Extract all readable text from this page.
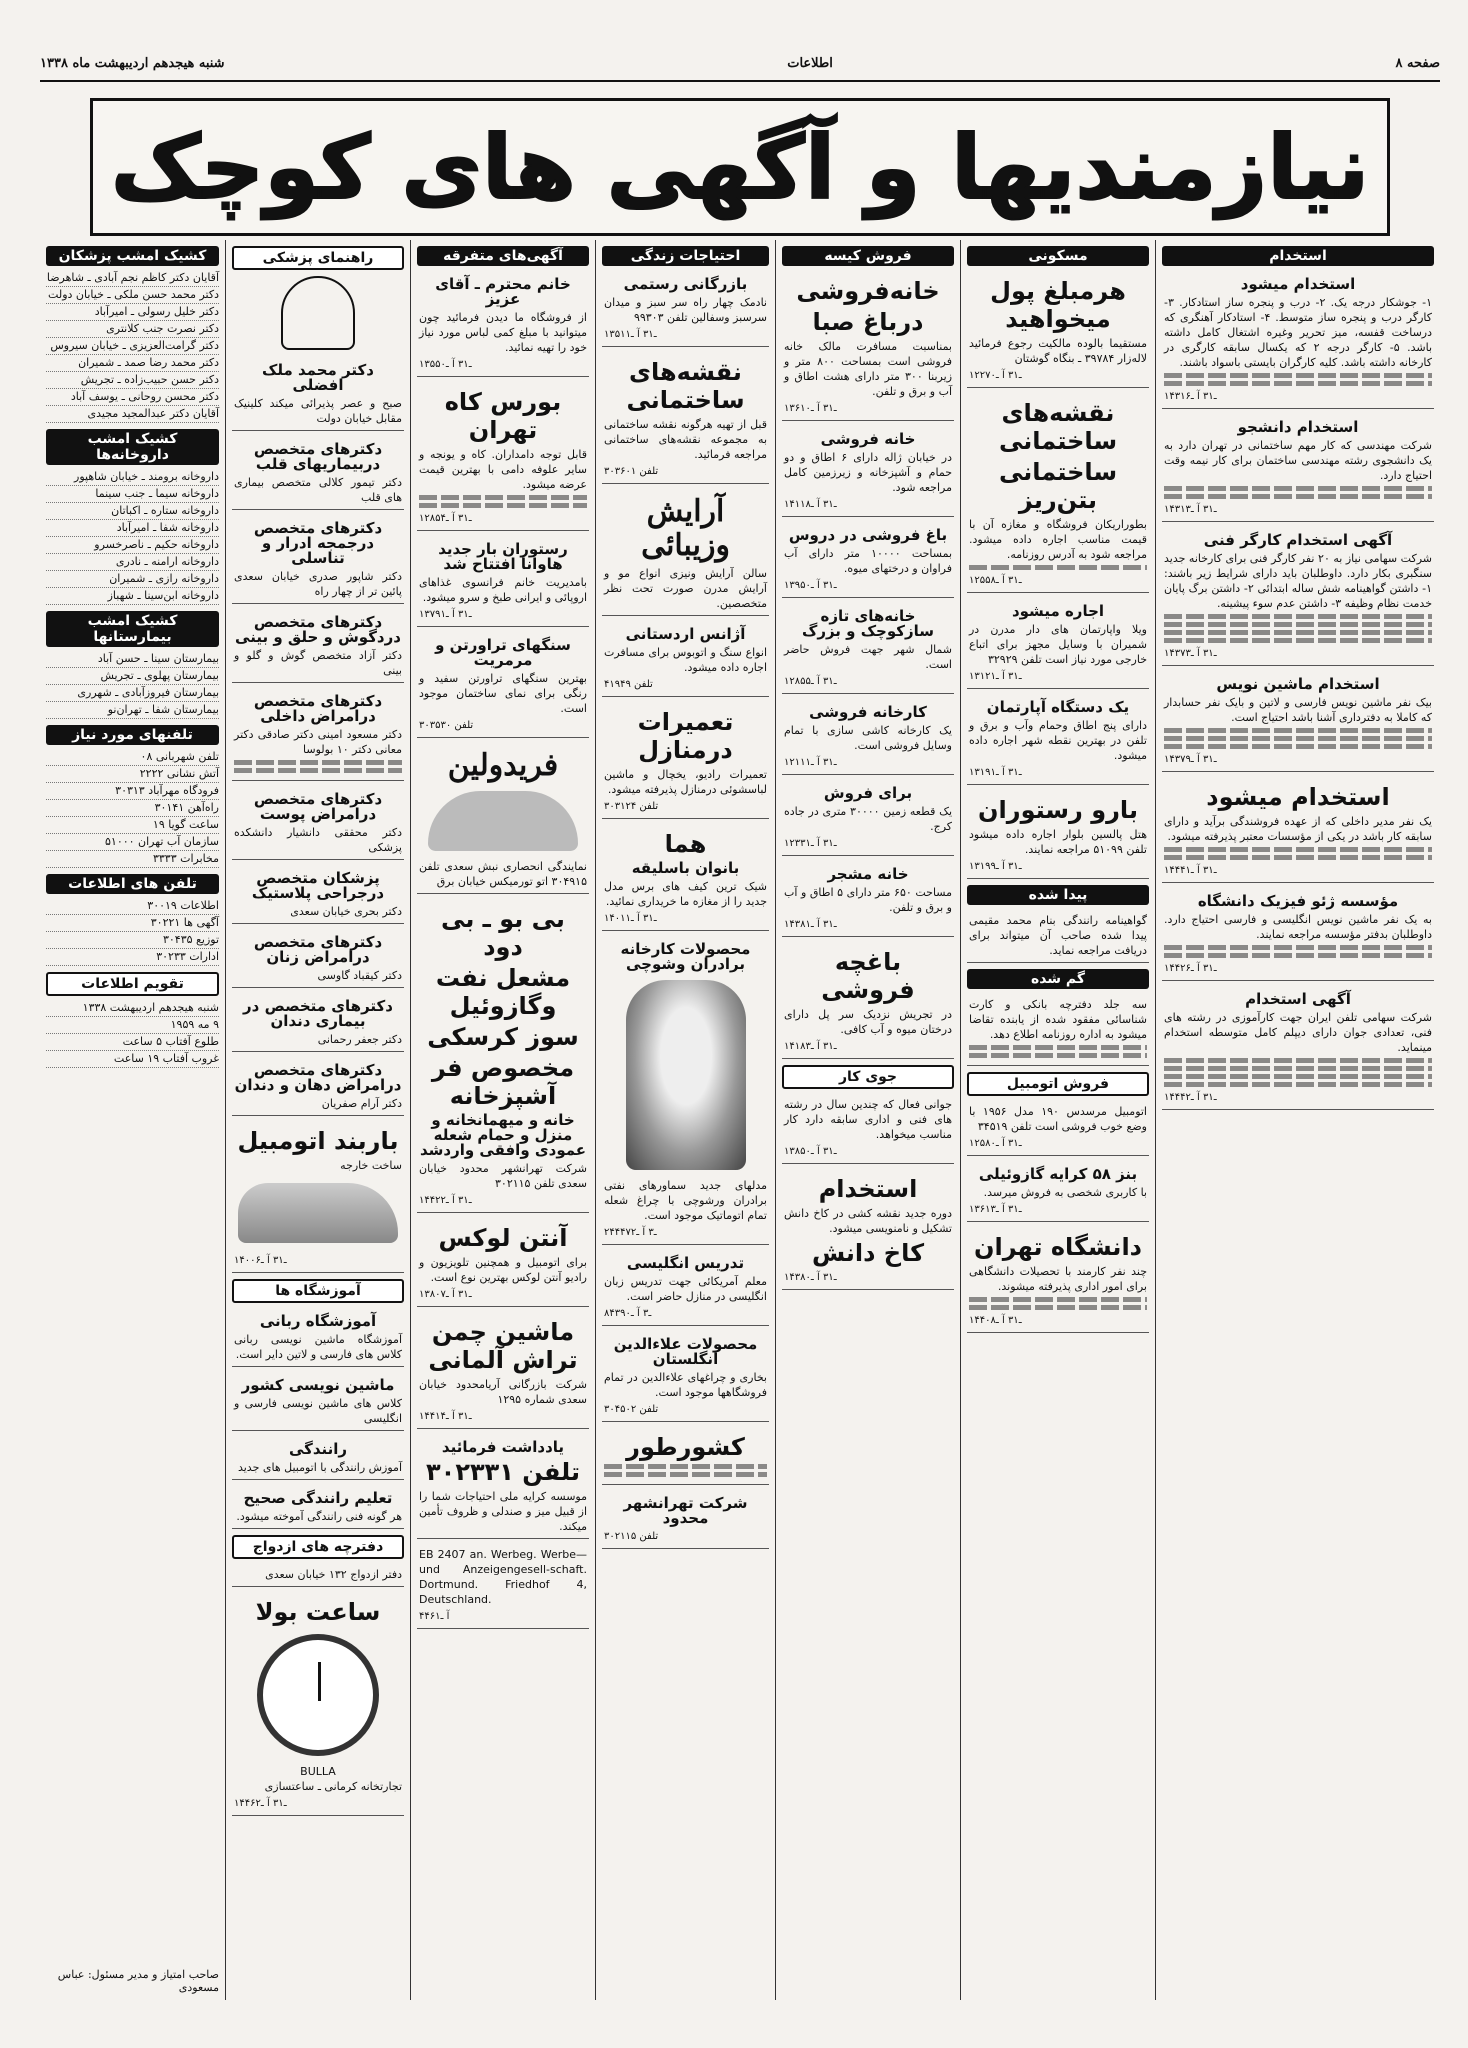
صفحه ۸
اطلاعات
شنبه هیجدهم اردیبهشت ماه ۱۳۳۸
نیازمندیها و آگهی های کوچک
استخدام
استخدام میشود
۱- جوشکار درجه یک. ۲- درب و پنجره ساز استادکار. ۳- کارگر درب و پنجره ساز متوسط. ۴- استادکار آهنگری که درساخت قفسه، میز تحریر وغیره اشتغال کامل داشته باشد. ۵- کارگر درجه ۲ که یکسال سابقه کارگری در کارخانه داشته باشد. کلیه کارگران بایستی باسواد باشند.
۱ـ۳۱ آ ـ۴۳۱۶
استخدام دانشجو
شرکت مهندسی که کار مهم ساختمانی در تهران دارد به یک دانشجوی رشته مهندسی ساختمان برای کار نیمه وقت احتیاج دارد.
۱ـ۳۱ آ ـ۴۳۱۳
آگهی استخدام کارگر فنی
شرکت سهامی نیاز به ۲۰ نفر کارگر فنی برای کارخانه جدید سنگبری بکار دارد. داوطلبان باید دارای شرایط زیر باشند: ۱- داشتن گواهینامه شش ساله ابتدائی ۲- داشتن برگ پایان خدمت نظام وظیفه ۳- داشتن عدم سوء پیشینه.
۱ـ۳۱ آ ـ۴۳۷۳
استخدام ماشین نویس
بیک نفر ماشین نویس فارسی و لاتین و بایک نفر حسابدار که کاملا به دفترداری آشنا باشد احتیاج است.
۱ـ۳۱ آ ـ۴۳۷۹
استخدام میشود
یک نفر مدیر داخلی که از عهده فروشندگی برآید و دارای سابقه کار باشد در یکی از مؤسسات معتبر پذیرفته میشود.
۱ـ۳۱ آ ـ۴۴۴۱
مؤسسه ژئو فیزیک دانشگاه
به یک نفر ماشین نویس انگلیسی و فارسی احتیاج دارد. داوطلبان بدفتر مؤسسه مراجعه نمایند.
۱ـ۳۱ آ ـ۴۴۲۶
آگهی استخدام
شرکت سهامی تلفن ایران جهت کارآموزی در رشته های فنی، تعدادی جوان دارای دیپلم کامل متوسطه استخدام مینماید.
۱ـ۳۱ آ ـ۴۴۴۲
مسکونی
هرمبلغ پول میخواهید
مستقیما بالوده مالکیت رجوع فرمائید لاله‌زار ۳۹۷۸۴ ـ بنگاه گوشتان
۱ـ۳۱ آ ـ۲۲۷۰
نقشه‌های ساختمانی
ساختمانی بتن‌ریز
بطوراریکان فروشگاه و مغازه آن با قیمت مناسب اجاره داده میشود. مراجعه شود به آدرس روزنامه.
۱ـ۳۱ آ ـ۲۵۵۸
اجاره میشود
ویلا واپارتمان های دار مدرن در شمیران با وسایل مجهز برای اتباع خارجی مورد نیاز است تلفن ۳۲۹۲۹
۱ـ۳۱ آ ـ۳۱۲۱
یک دستگاه آپارتمان
دارای پنج اطاق وحمام وآب و برق و تلفن در بهترین نقطه شهر اجاره داده میشود.
۱ـ۳۱ آ ـ۳۱۹۱
بارو رستوران
هتل پالسین بلوار اجاره داده میشود تلفن ۵۱۰۹۹ مراجعه نمایند.
۱ـ۳۱ آ ـ۳۱۹۹
پیدا شده
گواهینامه رانندگی بنام محمد مقیمی پیدا شده صاحب آن میتواند برای دریافت مراجعه نماید.
گم شده
سه جلد دفترچه بانکی و کارت شناسائی مفقود شده از یابنده تقاضا میشود به اداره روزنامه اطلاع دهد.
فروش اتومبیل
اتومبیل مرسدس ۱۹۰ مدل ۱۹۵۶ با وضع خوب فروشی است تلفن ۳۴۵۱۹
۱ـ۳۱ آ ـ۲۵۸۰
بنز ۵۸ کرایه گازوئیلی
با کاربری شخصی به فروش میرسد.
۱ـ۳۱ آ ـ۳۶۱۳
دانشگاه تهران
چند نفر کارمند با تحصیلات دانشگاهی برای امور اداری پذیرفته میشوند.
۱ـ۳۱ آ ـ۴۴۰۸
فروش کیسه
خانه‌فروشی
درباغ صبا
بمناسبت مسافرت مالک خانه فروشی است بمساحت ۸۰۰ متر و زیربنا ۳۰۰ متر دارای هشت اطاق و آب و برق و تلفن.
۱ـ۳۱ آ ـ۳۶۱۰
خانه فروشی
در خیابان ژاله دارای ۶ اطاق و دو حمام و آشپزخانه و زیرزمین کامل مراجعه شود.
۱ـ۳۱ آ ـ۴۱۱۸
باغ فروشی در دروس
بمساحت ۱۰۰۰۰ متر دارای آب فراوان و درختهای میوه.
۱ـ۳۱ آ ـ۳۹۵۰
خانه‌های تازه سازکوچک و بزرگ
شمال شهر جهت فروش حاضر است.
۱ـ۳۱ آ ـ۲۸۵۵
کارخانه فروشی
یک کارخانه کاشی سازی با تمام وسایل فروشی است.
۱ـ۳۱ آ ـ۲۱۱۱
برای فروش
یک قطعه زمین ۳۰۰۰۰ متری در جاده کرج.
۱ـ۳۱ آ ـ۲۳۳۱
خانه مشجر
مساحت ۶۵۰ متر دارای ۵ اطاق و آب و برق و تلفن.
۱ـ۳۱ آ ـ۴۳۸۱
باغچه فروشی
در تجریش نزدیک سر پل دارای درختان میوه و آب کافی.
۱ـ۳۱ آ ـ۴۱۸۳
جوی کار
جوانی فعال که چندین سال در رشته های فنی و اداری سابقه دارد کار مناسب میخواهد.
۱ـ۳۱ آ ـ۳۸۵۰
استخدام
دوره جدید نقشه کشی در کاخ دانش تشکیل و نامنویسی میشود.
کاخ دانش
۱ـ۳۱ آ ـ۴۳۸۰
احتیاجات زندگی
بازرگانی رستمی
نادمک چهار راه سر سبز و میدان سرسبز وسفالین تلفن ۹۹۳۰۳
۱ـ۳۱ آ ـ۳۵۱۱
نقشه‌های ساختمانی
قبل از تهیه هرگونه نقشه ساختمانی به مجموعه نقشه‌های ساختمانی مراجعه فرمائید.
تلفن ۳۰۳۶۰۱
آرایش وزیبائی
سالن آرایش ونیزی انواع مو و آرایش مدرن صورت تحت نظر متخصصین.
آژانس اردستانی
انواع سنگ و اتوبوس برای مسافرت اجاره داده میشود.
تلفن ۴۱۹۴۹
تعمیرات درمنازل
تعمیرات رادیو، یخچال و ماشین لباسشوئی درمنازل پذیرفته میشود.
تلفن ۳۰۳۱۲۴
هما
بانوان باسلیقه
شیک ترین کیف های برس مدل جدید را از مغازه ما خریداری نمائید.
۱ـ۳۱ آ ـ۴۰۱۱
محصولات کارخانه برادران وشوچی
مدلهای جدید سماورهای نفتی برادران ورشوچی با چراغ شعله تمام اتوماتیک موجود است.
۲۴ـ۳ آ ـ۴۴۷۲
تدریس انگلیسی
معلم آمریکائی جهت تدریس زبان انگلیسی در منازل حاضر است.
۸ـ۳ آ ـ۴۳۹۰
محصولات علاءالدین انگلستان
بخاری و چراغهای علاءالدین در تمام فروشگاهها موجود است.
تلفن ۳۰۴۵۰۲
کشورطور
شرکت تهرانشهر محدود
تلفن ۳۰۲۱۱۵
آگهی‌های متفرقه
خانم محترم ـ آقای عزیز
از فروشگاه ما دیدن فرمائید چون میتوانید با مبلغ کمی لباس مورد نیاز خود را تهیه نمائید.
۱ـ۳۱ آ ـ۳۵۵۰
بورس کاه تهران
قابل توجه دامداران. کاه و یونجه و سایر علوفه دامی با بهترین قیمت عرضه میشود.
۱ـ۳۱ آ ـ۲۸۵۴
رستوران بار جدید هاوانا افتتاح شد
بامدیریت خانم فرانسوی غذاهای اروپائی و ایرانی طبخ و سرو میشود.
۱ـ۳۱ آ ـ۳۷۹۱
سنگهای تراورتن و مرمریت
بهترین سنگهای تراورتن سفید و رنگی برای نمای ساختمان موجود است.
تلفن ۳۰۳۵۳۰
فریدولین
نمایندگی انحصاری نبش سعدی تلفن ۳۰۴۹۱۵ اتو تورمیکس خیابان برق
بی بو ـ بی دود
مشعل نفت وگازوئیل
سوز کرسکی
مخصوص فر آشپزخانه
خانه و میهمانخانه و منزل و حمام شعله عمودی وافقی واردشد
شرکت تهرانشهر محدود خیابان سعدی تلفن ۳۰۲۱۱۵
۱ـ۳۱ آ ـ۴۴۲۲
آنتن لوکس
برای اتومبیل و همچنین تلویزیون و رادیو آنتن لوکس بهترین نوع است.
۱ـ۳۱ آ ـ۳۸۰۷
ماشین چمن تراش آلمانی
شرکت بازرگانی آریامحدود خیابان سعدی شماره ۱۲۹۵
۱ـ۳۱ آ ـ۴۴۱۴
یادداشت فرمائید
تلفن ۳۰۲۳۳۱
موسسه کرایه ملی احتیاجات شما را از قبیل میز و صندلی و ظروف تأمین میکند.
EB 2407 an. Werbeg. Werbe—und Anzeigengesell-schaft. Dortmund. Friedhof 4, Deutschland.
آ ـ۴۴۶۱
راهنمای پزشکی
دکتر محمد ملک افضلی
صبح و عصر پذیرائی میکند کلینیک مقابل خیابان دولت
دکترهای متخصص دربیماریهای قلب
دکتر تیمور کلالی متخصص بیماری های قلب
دکترهای متخصص درجمجه ادرار و تناسلی
دکتر شاپور صدری خیابان سعدی پائین تر از چهار راه
دکترهای متخصص دردگوش و حلق و بینی
دکتر آزاد متخصص گوش و گلو و بینی
دکترهای متخصص درامراض داخلی
دکتر مسعود امینی دکتر صادقی دکتر معانی دکتر ۱۰ بولوسا
دکترهای متخصص درامراض پوست
دکتر محققی دانشیار دانشکده پزشکی
پزشکان متخصص درجراحی پلاستیک
دکتر بحری خیابان سعدی
دکترهای متخصص درامراض زنان
دکتر کیقباد گاوسی
دکترهای متخصص در بیماری دندان
دکتر جعفر رحمانی
دکترهای متخصص درامراض دهان و دندان
دکتر آرام صفریان
باربند اتومبیل
ساخت خارجه
۱ـ۳۱ آ ـ۴۰۰۶
آموزشگاه ها
آموزشگاه ربانی
آموزشگاه ماشین نویسی ربانی کلاس های فارسی و لاتین دایر است.
ماشین نویسی کشور
کلاس های ماشین نویسی فارسی و انگلیسی
رانندگی
آموزش رانندگی با اتومبیل های جدید
تعلیم رانندگی صحیح
هر گونه فنی رانندگی آموخته میشود.
دفترچه های ازدواج
دفتر ازدواج ۱۳۲ خیابان سعدی
ساعت بولا
BULLA
تجارتخانه کرمانی ـ ساعتسازی
۱ـ۳۱ آ ـ۴۴۶۲
کشیک امشب پزشکان
آقایان دکتر کاظم نجم آبادی ـ شاهرضا
دکتر محمد حسن ملکی ـ خیابان دولت
دکتر خلیل رسولی ـ امیرآباد
دکتر نصرت جنب کلانتری
دکتر گرامت‌العزیزی ـ خیابان سیروس
دکتر محمد رضا صمد ـ شمیران
دکتر حسن حبیب‌زاده ـ تجریش
دکتر محسن روحانی ـ یوسف آباد
آقایان دکتر عبدالمجید مجیدی
کشیک امشب داروخانه‌ها
داروخانه برومند ـ خیابان شاهپور
داروخانه سیما ـ جنب سینما
داروخانه ستاره ـ اکباتان
داروخانه شفا ـ امیرآباد
داروخانه حکیم ـ ناصرخسرو
داروخانه ارامنه ـ نادری
داروخانه رازی ـ شمیران
داروخانه ابن‌سینا ـ شهباز
کشیک امشب بیمارستانها
بیمارستان سینا ـ حسن آباد
بیمارستان پهلوی ـ تجریش
بیمارستان فیروزآبادی ـ شهرری
بیمارستان شفا ـ تهران‌نو
تلفنهای مورد نیاز
تلفن شهربانی ۰۸
آتش نشانی ۲۲۲۲
فرودگاه مهرآباد ۳۰۳۱۳
راه‌آهن ۳۰۱۴۱
ساعت گویا ۱۹
سازمان آب تهران ۵۱۰۰۰
مخابرات ۳۳۳۳
تلفن های اطلاعات
اطلاعات ۳۰۰۱۹
آگهی ها ۳۰۲۲۱
توزیع ۳۰۴۳۵
ادارات ۳۰۲۳۳
تقویم اطلاعات
شنبه هیجدهم اردیبهشت ۱۳۳۸
۹ مه ۱۹۵۹
طلوع آفتاب ۵ ساعت
غروب آفتاب ۱۹ ساعت
صاحب امتیاز و مدیر مسئول: عباس مسعودی
